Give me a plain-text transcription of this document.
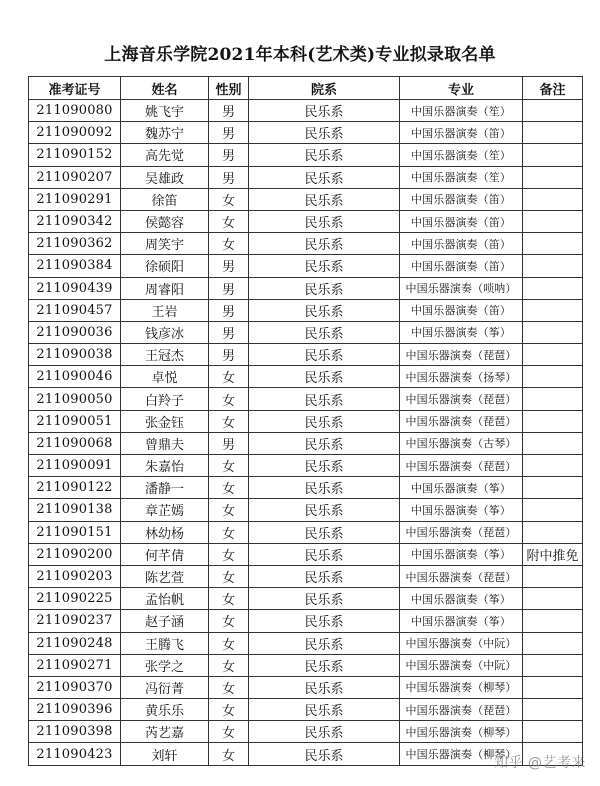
上海音乐学院2021年本科(艺术类)专业拟录取名单
准考证号	姓名	性别	院系	专业	备注
211090080	姚飞宇	男	民乐系	中国乐器演奏（笙）	
211090092	魏苏宁	男	民乐系	中国乐器演奏（笛）	
211090152	高先觉	男	民乐系	中国乐器演奏（笙）	
211090207	吴雄政	男	民乐系	中国乐器演奏（笙）	
211090291	徐笛	女	民乐系	中国乐器演奏（笛）	
211090342	侯懿容	女	民乐系	中国乐器演奏（笛）	
211090362	周笑宇	女	民乐系	中国乐器演奏（笛）	
211090384	徐硕阳	男	民乐系	中国乐器演奏（笛）	
211090439	周睿阳	男	民乐系	中国乐器演奏（唢呐）	
211090457	王岩	男	民乐系	中国乐器演奏（笛）	
211090036	钱彦冰	男	民乐系	中国乐器演奏（筝）	
211090038	王冠杰	男	民乐系	中国乐器演奏（琵琶）	
211090046	卓悦	女	民乐系	中国乐器演奏（扬琴）	
211090050	白羚子	女	民乐系	中国乐器演奏（琵琶）	
211090051	张金钰	女	民乐系	中国乐器演奏（琵琶）	
211090068	曾鼎夫	男	民乐系	中国乐器演奏（古琴）	
211090091	朱嘉怡	女	民乐系	中国乐器演奏（琵琶）	
211090122	潘静一	女	民乐系	中国乐器演奏（筝）	
211090138	章芷嫣	女	民乐系	中国乐器演奏（筝）	
211090151	林幼杨	女	民乐系	中国乐器演奏（琵琶）	
211090200	何芊倩	女	民乐系	中国乐器演奏（筝）	附中推免
211090203	陈艺萱	女	民乐系	中国乐器演奏（琵琶）	
211090225	孟怡帆	女	民乐系	中国乐器演奏（筝）	
211090237	赵子涵	女	民乐系	中国乐器演奏（筝）	
211090248	王腾飞	女	民乐系	中国乐器演奏（中阮）	
211090271	张学之	女	民乐系	中国乐器演奏（中阮）	
211090370	冯衍菁	女	民乐系	中国乐器演奏（柳琴）	
211090396	黄乐乐	女	民乐系	中国乐器演奏（琵琶）	
211090398	芮艺嘉	女	民乐系	中国乐器演奏（柳琴）	
211090423	刘轩	女	民乐系	中国乐器演奏（柳琴）	
知乎 @艺考来
